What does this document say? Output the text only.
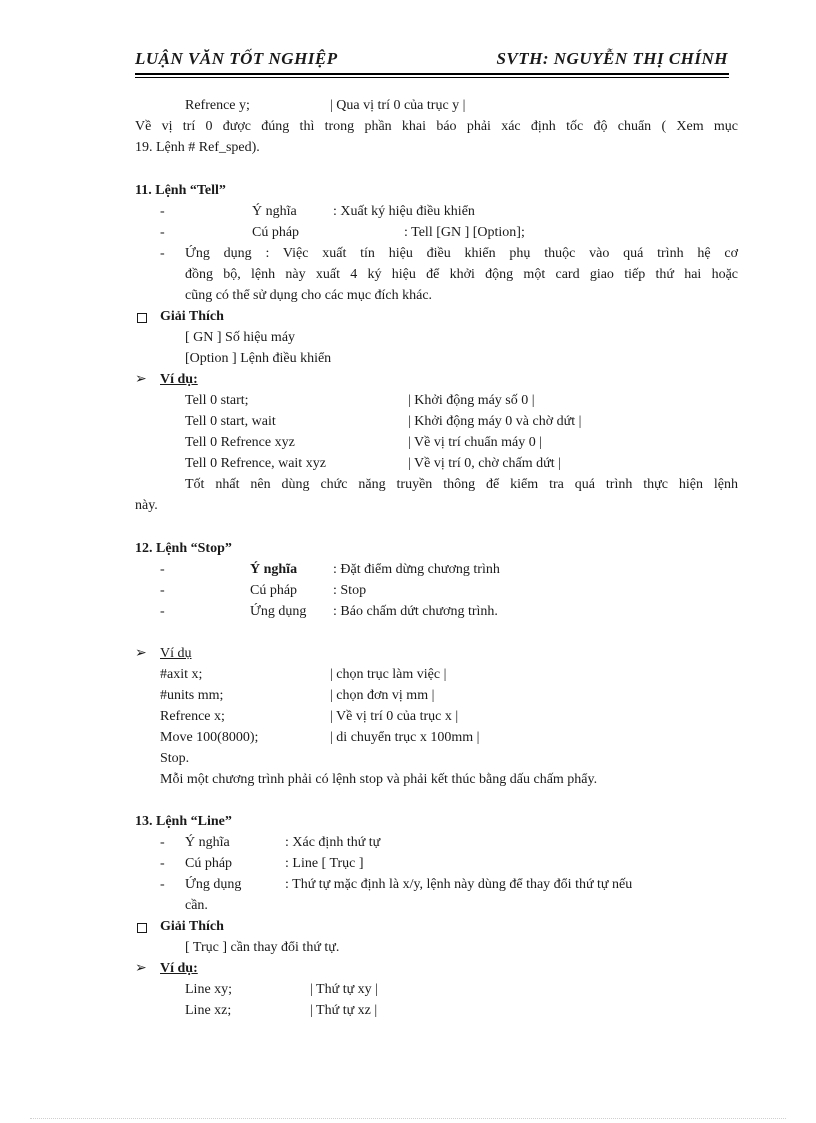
LUẬN VĂN TỐT NGHIỆP	SVTH: NGUYỄN THỊ CHÍNH
Refrence y;	| Qua vị trí 0 của trục y |
Về vị trí 0 được đúng thì trong phần khai báo phải xác định tốc độ chuẩn ( Xem mục
19. Lệnh # Ref_sped).
11. Lệnh “Tell”
-	Ý nghĩa	: Xuất ký hiệu điều khiển
-	Cú pháp	: Tell [GN ] [Option];
- Ứng dụng : Việc xuất tín hiệu điều khiển phụ thuộc vào quá trình hệ cơ
đồng bộ, lệnh này xuất 4 ký hiệu để khởi động một card giao tiếp thứ hai hoặc
cũng có thể sử dụng cho các mục đích khác.
Giải Thích
[ GN ] Số hiệu máy
[Option ] Lệnh điều khiển
➢ Ví dụ:
Tell 0 start;	| Khởi động máy số 0 |
Tell 0 start, wait	| Khởi động máy 0 và chờ dứt |
Tell 0 Refrence xyz	| Về vị trí chuẩn máy 0 |
Tell 0 Refrence, wait xyz	| Về vị trí 0, chờ chấm dứt |
Tốt nhất nên dùng chức năng truyền thông để kiểm tra quá trình thực hiện lệnh
này.
12. Lệnh “Stop”
-	Ý nghĩa	: Đặt điểm dừng chương trình
-	Cú pháp	: Stop
-	Ứng dụng : Báo chấm dứt chương trình.
➢ Ví dụ
#axit x;	| chọn trục làm việc |
#units mm;	| chọn đơn vị mm |
Refrence x;	| Về vị trí 0 của trục x |
Move 100(8000);	| di chuyển trục x 100mm |
Stop.
Mỗi một chương trình phải có lệnh stop và phải kết thúc bằng dấu chấm phẩy.
13. Lệnh “Line”
- Ý nghĩa	: Xác định thứ tự
- Cú pháp	: Line [ Trục ]
- Ứng dụng	: Thứ tự mặc định là x/y, lệnh này dùng để thay đổi thứ tự nếu
cần.
Giải Thích
[ Trục ] cần thay đổi thứ tự.
➢ Ví dụ:
Line xy;	| Thứ tự xy |
Line xz;	| Thứ tự xz |
